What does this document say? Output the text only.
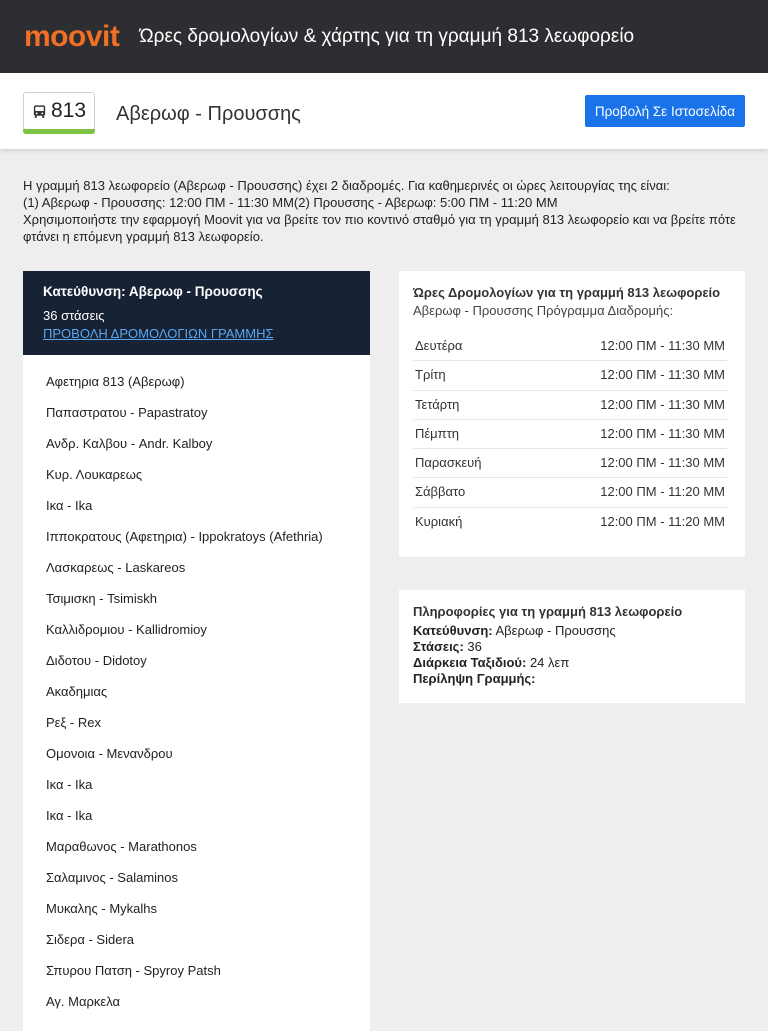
moovit Ώρες δρομολογίων & χάρτης για τη γραμμή 813 λεωφορείο
813 Αβερωφ - Προυσσης	Προβολή Σε Ιστοσελίδα

Η γραμμή 813 λεωφορείο (Αβερωφ - Προυσσης) έχει 2 διαδρομές. Για καθημερινές οι ώρες λειτουργίας της είναι:

(1) Αβερωφ - Προυσσης: 12:00 ΠΜ - 11:30 ΜΜ(2) Προυσσης - Αβερωφ: 5:00 ΠΜ - 11:20 ΜΜ

Χρησιμοποιήστε την εφαρμογή Moovit για να βρείτε τον πιο κοντινό σταθμό για τη γραμμή 813 λεωφορείο και να βρείτε πότε φτάνει η επόμενη γραμμή 813 λεωφορείο.

Κατεύθυνση: Αβερωφ - Προυσσης
36 στάσεις
ΠΡΟΒΟΛΗ ΔΡΟΜΟΛΟΓΙΩΝ ΓΡΑΜΜΗΣ
Αφετηρια 813 (Αβερωφ)
Παπαστρατου - Papastratoy
Ανδρ. Καλβου - Andr. Kalboy
Κυρ. Λουκαρεως
Ικα - Ika
Ιπποκρατους (Αφετηρια) - Ippokratoys (Afethria)
Λασκαρεως - Laskareos
Τσιμισκη - Tsimiskh
Καλλιδρομιου - Kallidromioy
Διδοτου - Didotoy
Ακαδημιας
Ρεξ - Rex
Ομονοια - Μενανδρου
Ικα - Ika
Ικα - Ika
Μαραθωνος - Marathonos
Σαλαμινος - Salaminos
Μυκαλης - Mykalhs
Σιδερα - Sidera
Σπυρου Πατση - Spyroy Patsh
Αγ. Μαρκελα
Ώρες Δρομολογίων για τη γραμμή 813 λεωφορείο
Αβερωφ - Προυσσης Πρόγραμμα Διαδρομής:
Δευτέρα	12:00 ΠΜ - 11:30 ΜΜ
Τρίτη	12:00 ΠΜ - 11:30 ΜΜ
Τετάρτη	12:00 ΠΜ - 11:30 ΜΜ
Πέμπτη	12:00 ΠΜ - 11:30 ΜΜ
Παρασκευή	12:00 ΠΜ - 11:30 ΜΜ
Σάββατο	12:00 ΠΜ - 11:20 ΜΜ
Κυριακή	12:00 ΠΜ - 11:20 ΜΜ
Πληροφορίες για τη γραμμή 813 λεωφορείο
Κατεύθυνση: Αβερωφ - Προυσσης
Στάσεις: 36
Διάρκεια Ταξιδιού: 24 λεπ
Περίληψη Γραμμής:
